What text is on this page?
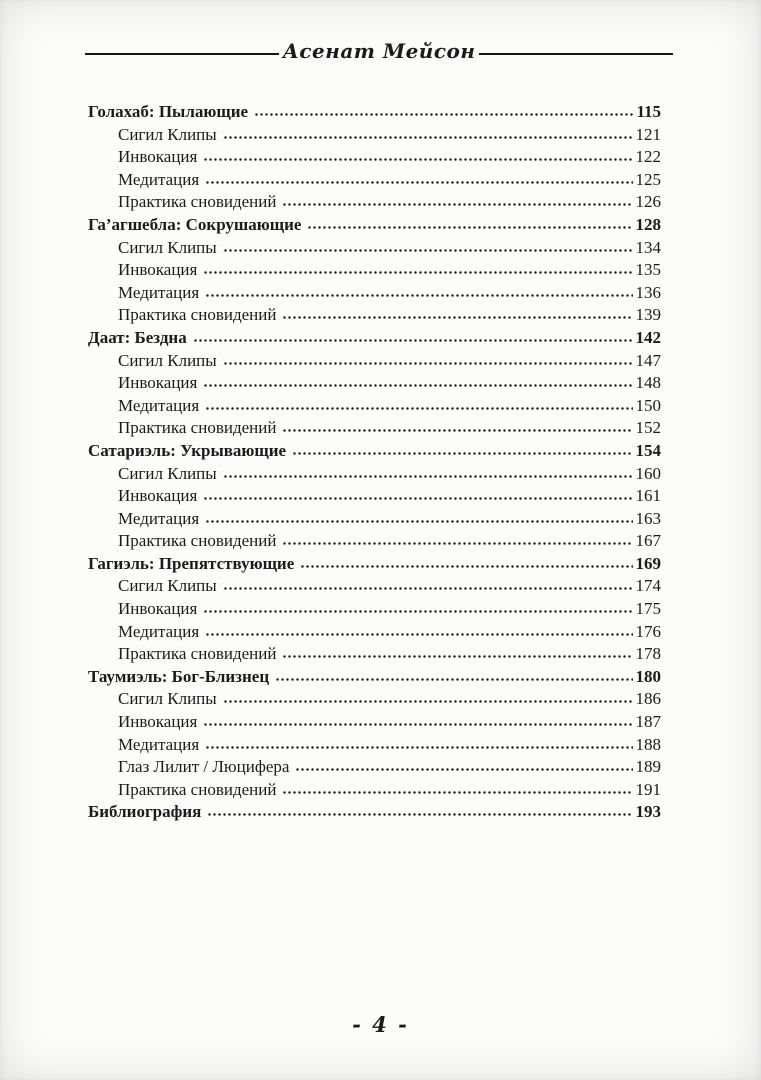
Асенат Мейсон
Голахаб: Пылающие	115
Сигил Клипы	121
Инвокация	122
Медитация	125
Практика сновидений	126
Га’агшебла: Сокрушающие	128
Сигил Клипы	134
Инвокация	135
Медитация	136
Практика сновидений	139
Даат: Бездна	142
Сигил Клипы	147
Инвокация	148
Медитация	150
Практика сновидений	152
Сатариэль: Укрывающие	154
Сигил Клипы	160
Инвокация	161
Медитация	163
Практика сновидений	167
Гагиэль: Препятствующие	169
Сигил Клипы	174
Инвокация	175
Медитация	176
Практика сновидений	178
Таумиэль: Бог-Близнец	180
Сигил Клипы	186
Инвокация	187
Медитация	188
Глаз Лилит / Люцифера	189
Практика сновидений	191
Библиография	193
- 4 -
